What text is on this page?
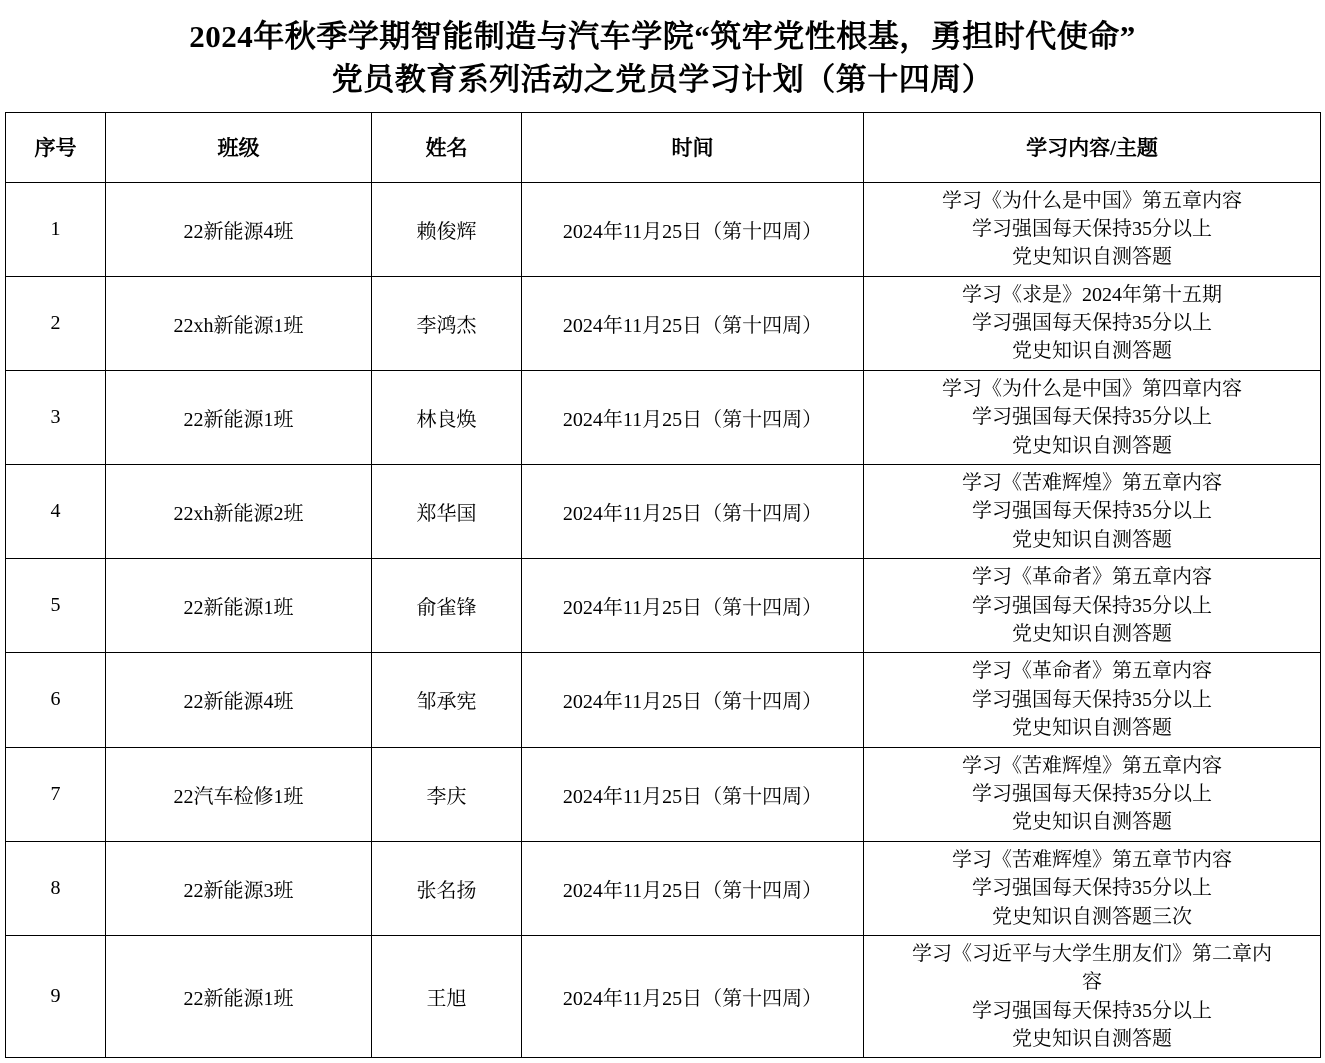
2024年秋季学期智能制造与汽车学院“筑牢党性根基，勇担时代使命”
党员教育系列活动之党员学习计划（第十四周）
序号	班级	姓名	时间	学习内容/主题
1	22新能源4班	赖俊辉	2024年11月25日（第十四周）	学习《为什么是中国》第五章内容
学习强国每天保持35分以上
党史知识自测答题

2	22xh新能源1班	李鸿杰	2024年11月25日（第十四周）	学习《求是》2024年第十五期
学习强国每天保持35分以上
党史知识自测答题

3	22新能源1班	林良焕	2024年11月25日（第十四周）	学习《为什么是中国》第四章内容
学习强国每天保持35分以上
党史知识自测答题

4	22xh新能源2班	郑华国	2024年11月25日（第十四周）	学习《苦难辉煌》第五章内容
学习强国每天保持35分以上
党史知识自测答题

5	22新能源1班	俞雀锋	2024年11月25日（第十四周）	学习《革命者》第五章内容
学习强国每天保持35分以上
党史知识自测答题

6	22新能源4班	邹承宪	2024年11月25日（第十四周）	学习《革命者》第五章内容
学习强国每天保持35分以上
党史知识自测答题

7	22汽车检修1班	李庆	2024年11月25日（第十四周）	学习《苦难辉煌》第五章内容
学习强国每天保持35分以上
党史知识自测答题

8	22新能源3班	张名扬	2024年11月25日（第十四周）	学习《苦难辉煌》第五章节内容
学习强国每天保持35分以上
党史知识自测答题三次

9	22新能源1班	王旭	2024年11月25日（第十四周）	学习《习近平与大学生朋友们》第二章内
容
学习强国每天保持35分以上
党史知识自测答题
